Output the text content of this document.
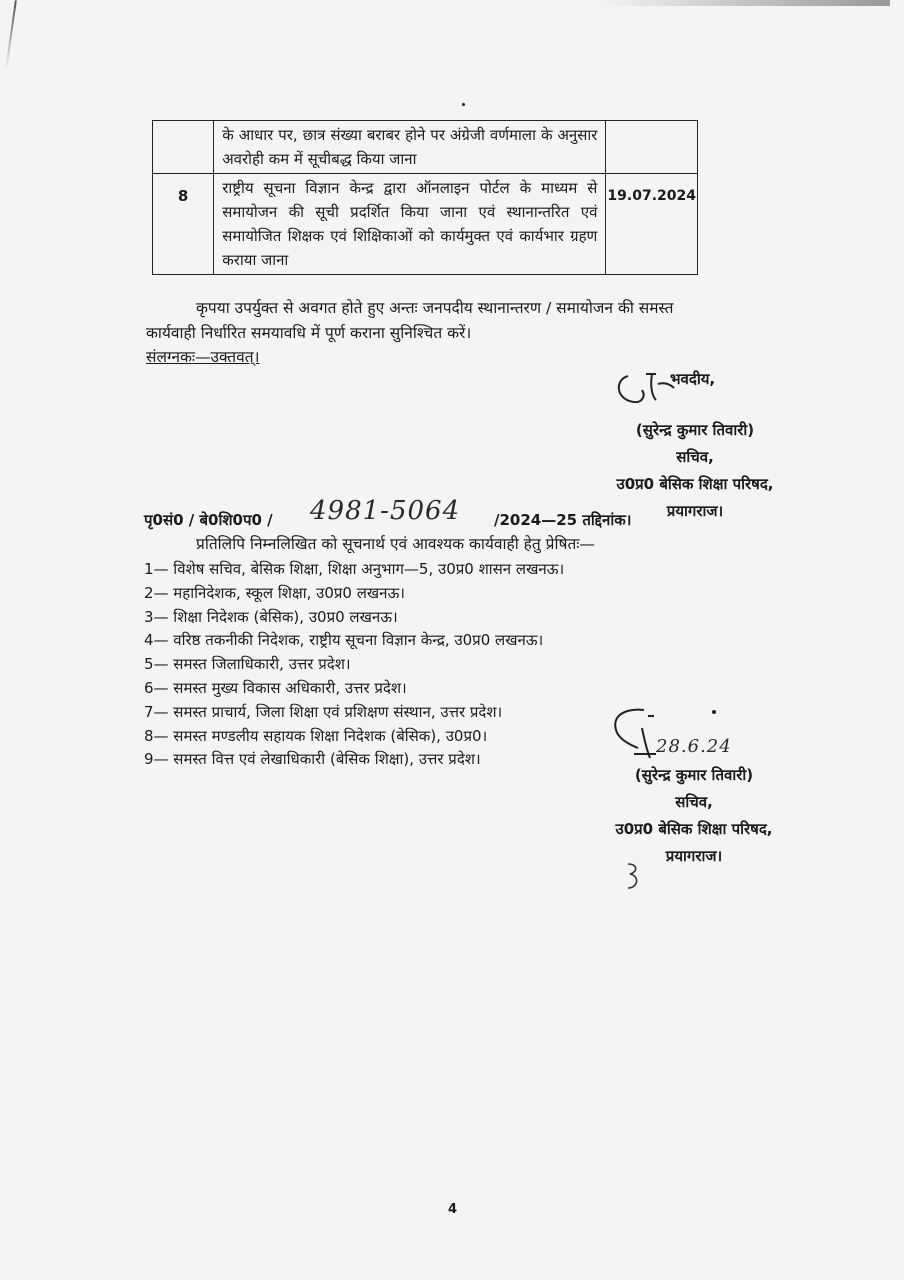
	के आधार पर, छात्र संख्या बराबर होने पर अंग्रेजी वर्णमाला के अनुसार अवरोही कम में सूचीबद्ध किया जाना	
8	राष्ट्रीय सूचना विज्ञान केन्द्र द्वारा ऑनलाइन पोर्टल के माध्यम से समायोजन की सूची प्रदर्शित किया जाना एवं स्थानान्तरित एवं समायोजित शिक्षक एवं शिक्षिकाओं को कार्यमुक्त एवं कार्यभार ग्रहण कराया जाना	19.07.2024
कृपया उपर्युक्त से अवगत होते हुए अन्तः जनपदीय स्थानान्तरण / समायोजन की समस्त
कार्यवाही निर्धारित समयावधि में पूर्ण कराना सुनिश्चित करें।
संलग्नकः—उक्तवत्।
भवदीय,
(सुरेन्द्र कुमार तिवारी)
सचिव,
उ0प्र0 बेसिक शिक्षा परिषद,
प्रयागराज।
पृ0सं0 / बे0शि0प0 / 4981-5064 /2024—25 तद्दिनांक।
प्रतिलिपि निम्नलिखित को सूचनार्थ एवं आवश्यक कार्यवाही हेतु प्रेषितः—
1— विशेष सचिव, बेसिक शिक्षा, शिक्षा अनुभाग—5, उ0प्र0 शासन लखनऊ।
2— महानिदेशक, स्कूल शिक्षा, उ0प्र0 लखनऊ।
3— शिक्षा निदेशक (बेसिक), उ0प्र0 लखनऊ।
4— वरिष्ठ तकनीकी निदेशक, राष्ट्रीय सूचना विज्ञान केन्द्र, उ0प्र0 लखनऊ।
5— समस्त जिलाधिकारी, उत्तर प्रदेश।
6— समस्त मुख्य विकास अधिकारी, उत्तर प्रदेश।
7— समस्त प्राचार्य, जिला शिक्षा एवं प्रशिक्षण संस्थान, उत्तर प्रदेश।
8— समस्त मण्डलीय सहायक शिक्षा निदेशक (बेसिक), उ0प्र0।
9— समस्त वित्त एवं लेखाधिकारी (बेसिक शिक्षा), उत्तर प्रदेश।
28.6.24
(सुरेन्द्र कुमार तिवारी)
सचिव,
उ0प्र0 बेसिक शिक्षा परिषद,
प्रयागराज।
4
